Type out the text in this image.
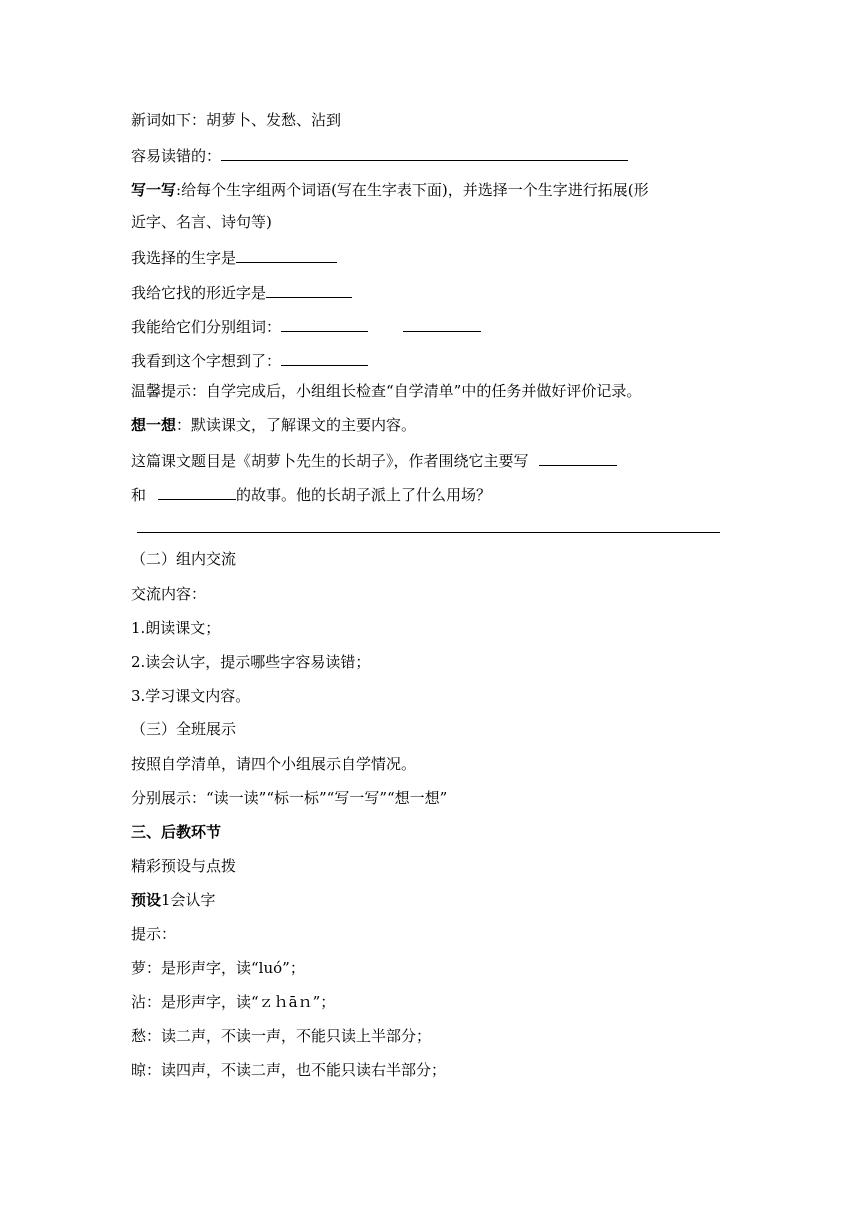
新词如下：胡萝卜、发愁、沾到
容易读错的：
写一写:给每个生字组两个词语(写在生字表下面)，并选择一个生字进行拓展(形
近字、名言、诗句等)
我选择的生字是
我给它找的形近字是
我能给它们分别组词：
我看到这个字想到了：
温馨提示：自学完成后，小组组长检查“自学清单”中的任务并做好评价记录。
想一想：默读课文，了解课文的主要内容。
这篇课文题目是《胡萝卜先生的长胡子》，作者围绕它主要写
和	的故事。他的长胡子派上了什么用场？
（二）组内交流
交流内容：
1.朗读课文；
2.读会认字，提示哪些字容易读错；
3.学习课文内容。
（三）全班展示
按照自学清单，请四个小组展示自学情况。
分别展示：“读一读”“标一标”“写一写”“想一想”
三、后教环节
精彩预设与点拨
预设1会认字
提示：
萝：是形声字，读“luó”；
沾：是形声字，读“ｚｈāｎ”；
愁：读二声，不读一声，不能只读上半部分；
晾：读四声，不读二声，也不能只读右半部分；
